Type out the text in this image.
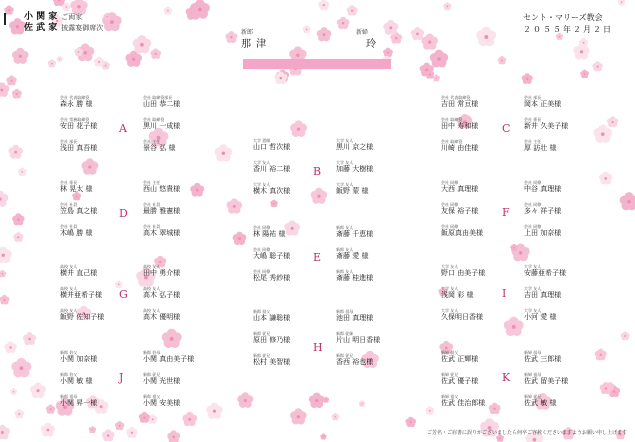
小 関 家 ご両家
佐 武 家 披露宴御席次
セント・マリーズ教会
２０５５年２月２日
新郎
那 津
新婦
玲
A
会社 代表取締役
森永 勝 様
会社 取締役部長
山田 恭二様
会社 常務取締役
安田 花子様
会社 取締役
黒川 一成様
会社 部長
浅田 真吾様
会社 主任
景谷 弘 様
D
会社 係長
林 晃太 様
会社 主任
西山 悠貴様
会社 社員
笠島 真之様
会社 社員
最勝 雅憲様
会社 社員
木嶋 勝 様
会社 社員
高木 翠城様
G
高校 友人
横井 直己様
高校 友人
田中 勇介様
高校 友人
横井亜希子様
高校 友人
高木 弘子様
高校 友人
飯野 佐知子様
高校 友人
高木 優明様
J
新郎 伯父
小関 加奈様
新郎 伯母
小関 真由美子様
新郎 伯父
小関 敏 様
新郎 従兄
小関 光世様
新郎 祖母
小関 昇一様
新郎 祖父
小関 安美様
B
大学 恩師
山口 哲次様
大学 友人
黒川 京之様
大学 友人
香川 裕二様
大学 友人
加藤 大樹様
大学 友人
横木 真次様
大学 友人
飯野 蒙 様
E
会社 同僚
林 陽祐 様
新郎 友人
斎藤 千恵様
会社 同僚
大嶋 聡子様
新郎 友人
斎藤 愛 様
会社 同僚
松尾 秀紗様
新郎 友人
斎藤 桂進様
H
新郎 叔父
山本 謙聡様
新郎 叔母
池田 真理様
新郎 従兄
原田 修乃様
新郎 従姉
片山 明日香様
新郎 従兄
松村 美智様
新郎 従兄
香西 裕也様
C
会社 代表取締役
吉田 常亘様
会社 部長
岡本 正美様
会社 取締役
田中 寿和様
会社 係長
新井 久美子様
会社 取締役
川崎 由佳様
会社 主任
厚 訪壮 様
F
会社 同僚
大西 真理様
会社 同僚
中谷 真理様
会社 同僚
友保 裕子様
会社 同僚
多々 祥子様
会社 同僚
飯原真由美様
会社 同僚
上田 加奈様
I
大学 友人
野口 由美子様
大学 友人
安藤亜希子様
大学 友人
浅岡 彩 様
大学 友人
吉田 真理様
大学 友人
久保明日香様
大学 友人
小河 愛 様
K
新婦 叔父
佐武 正輝様
新婦 叔母
佐武 三郎様
新婦 従兄
佐武 優子様
新婦 祖母
佐武 留美子様
新婦 祖父
佐武 佳治郎様
新婦 従兄
佐武 敏 様
ご芳名・ご肩書に誤りがございましたら何卒ご容赦くださいますようお願い申し上げます
